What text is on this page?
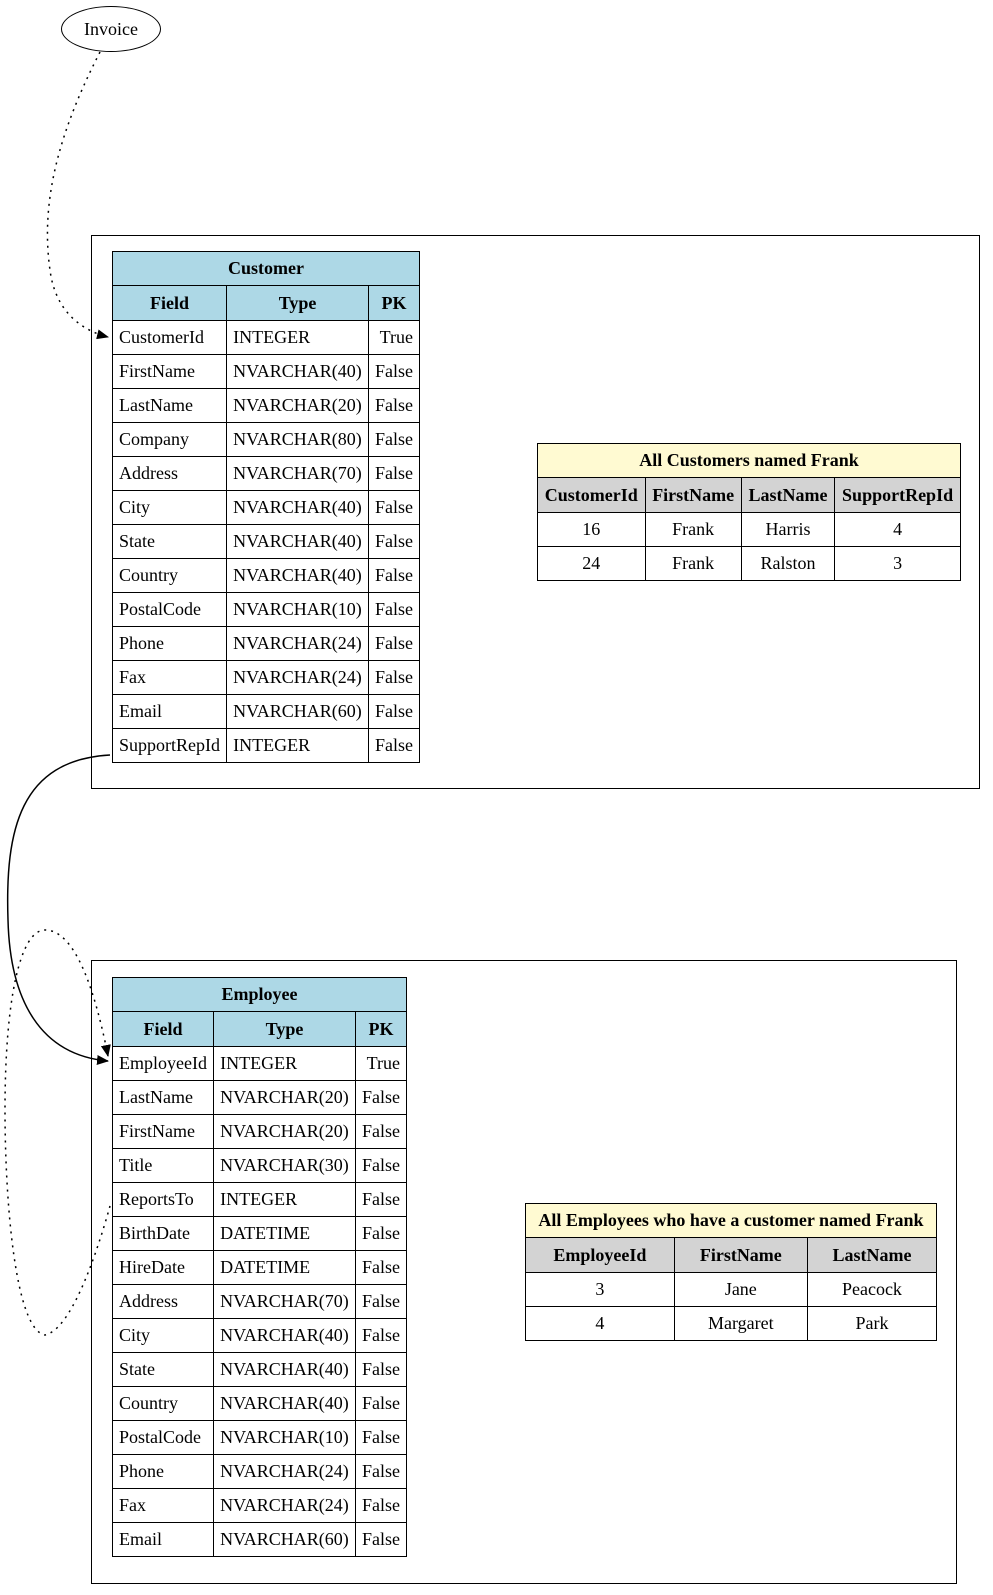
Invoice
Customer		
Field	Type	PK
CustomerId	INTEGER	True
FirstName	NVARCHAR(40)	False
LastName	NVARCHAR(20)	False
Company	NVARCHAR(80)	False
Address	NVARCHAR(70)	False
City	NVARCHAR(40)	False
State	NVARCHAR(40)	False
Country	NVARCHAR(40)	False
PostalCode	NVARCHAR(10)	False
Phone	NVARCHAR(24)	False
Fax	NVARCHAR(24)	False
Email	NVARCHAR(60)	False
SupportRepId	INTEGER	False
All Customers named Frank			
CustomerId	FirstName	LastName	SupportRepId
16	Frank	Harris	4
24	Frank	Ralston	3
Employee		
Field	Type	PK
EmployeeId	INTEGER	True
LastName	NVARCHAR(20)	False
FirstName	NVARCHAR(20)	False
Title	NVARCHAR(30)	False
ReportsTo	INTEGER	False
BirthDate	DATETIME	False
HireDate	DATETIME	False
Address	NVARCHAR(70)	False
City	NVARCHAR(40)	False
State	NVARCHAR(40)	False
Country	NVARCHAR(40)	False
PostalCode	NVARCHAR(10)	False
Phone	NVARCHAR(24)	False
Fax	NVARCHAR(24)	False
Email	NVARCHAR(60)	False
All Employees who have a customer named Frank		
EmployeeId	FirstName	LastName
3	Jane	Peacock
4	Margaret	Park
